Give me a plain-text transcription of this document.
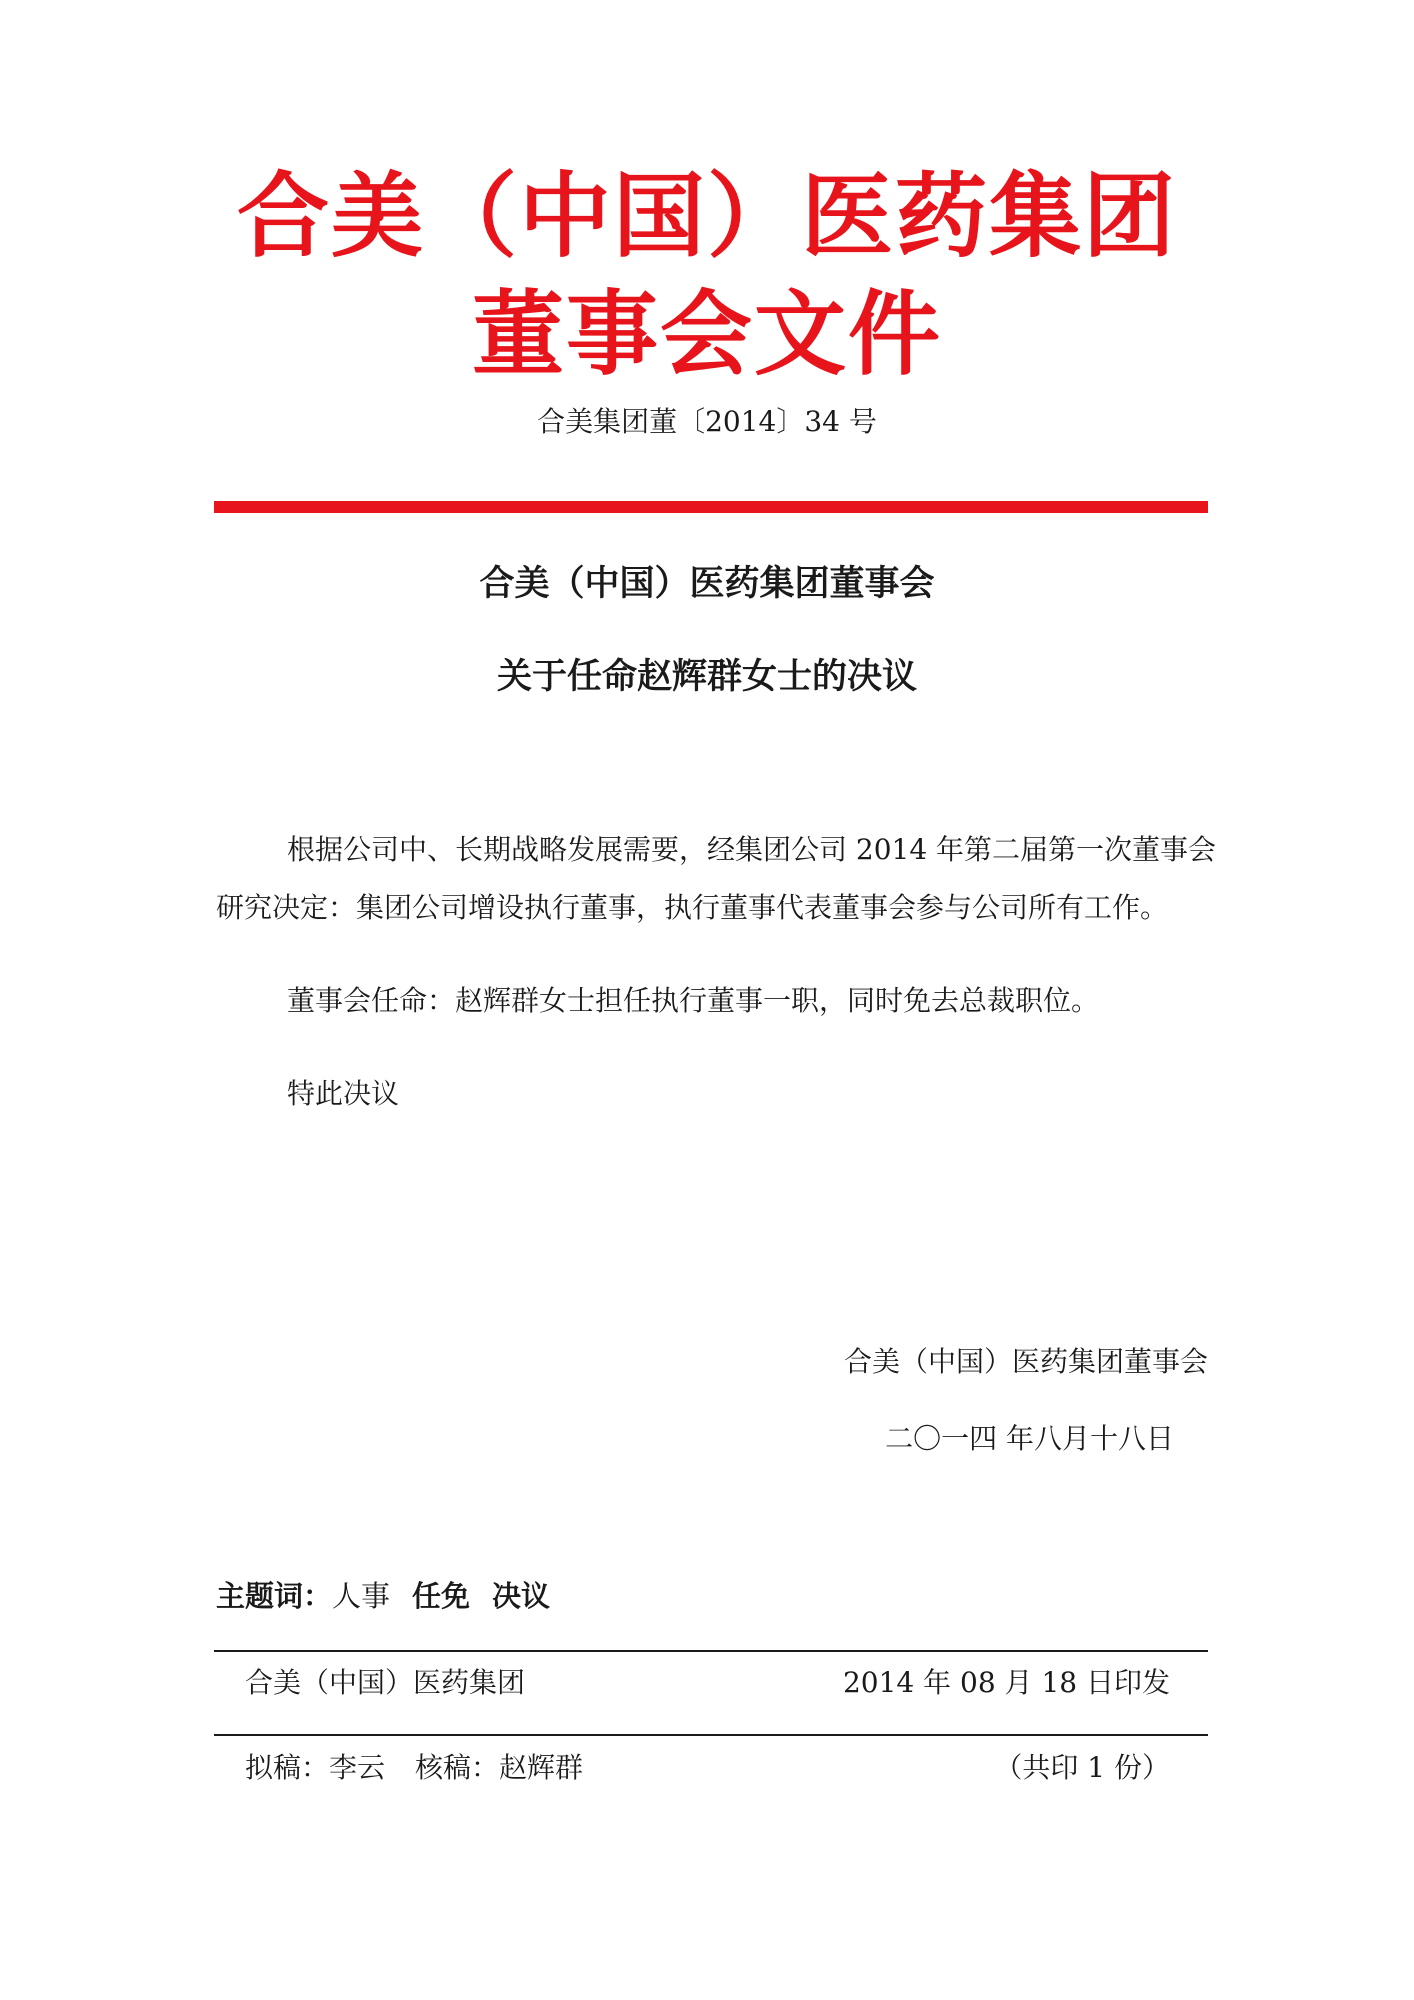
合美（中国）医药集团
董事会文件
合美集团董〔2014〕34 号
合美（中国）医药集团董事会
关于任命赵辉群女士的决议
根据公司中、长期战略发展需要，经集团公司 2014 年第二届第一次董事会
研究决定：集团公司增设执行董事，执行董事代表董事会参与公司所有工作。
董事会任命：赵辉群女士担任执行董事一职，同时免去总裁职位。
特此决议
合美（中国）医药集团董事会
二〇一四 年八月十八日
主题词：人事 任免 决议
合美（中国）医药集团	2014 年 08 月 18 日印发
拟稿：李云 核稿：赵辉群	（共印 1 份）
